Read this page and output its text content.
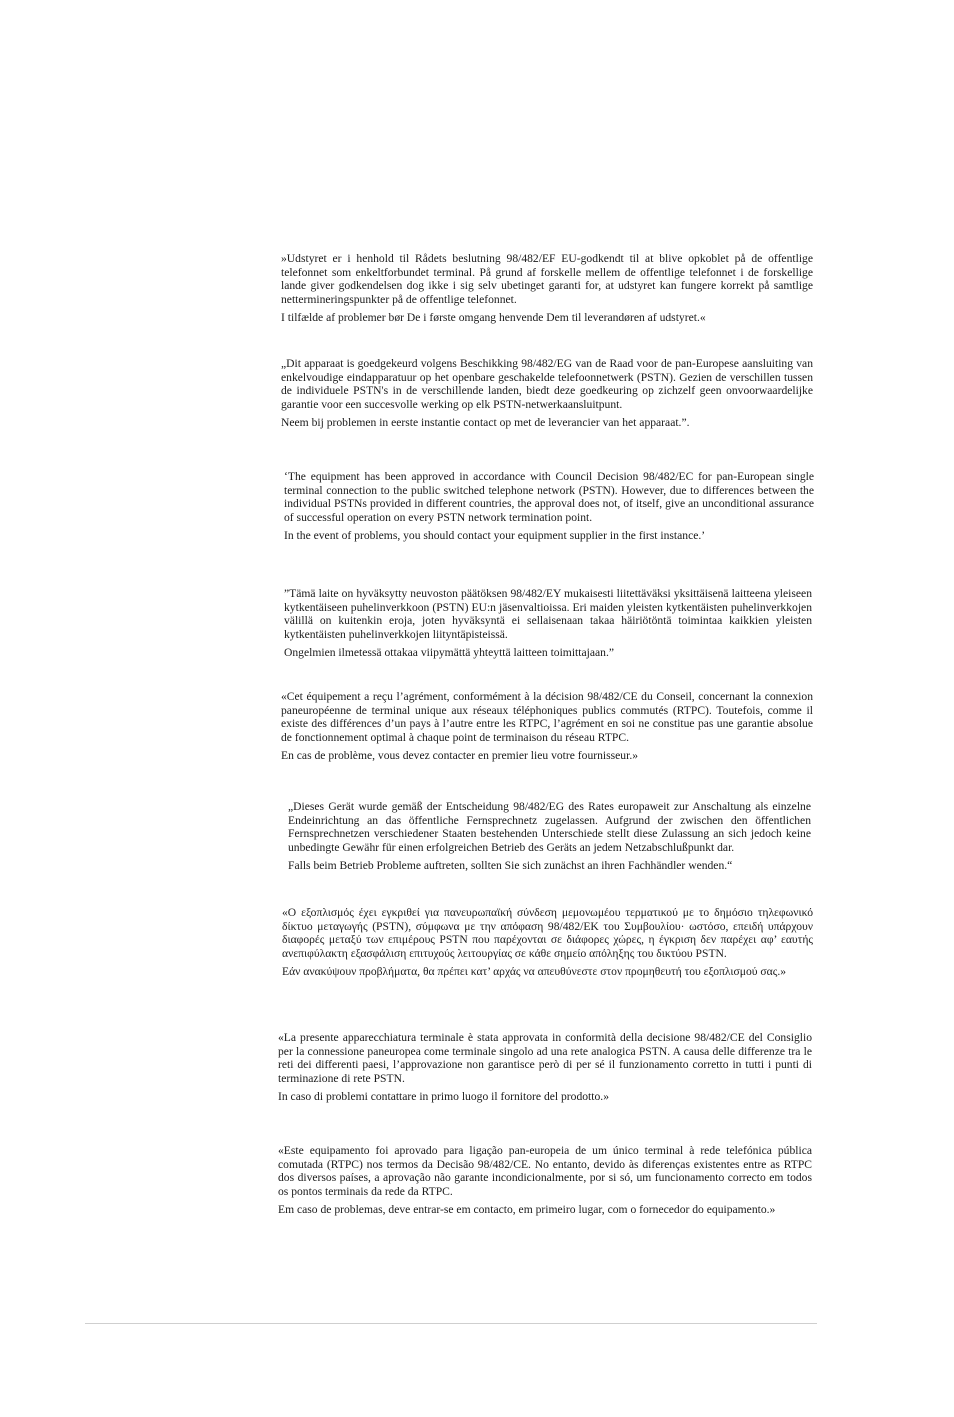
»Udstyret er i henhold til Rådets beslutning 98/482/EF EU-godkendt til at blive opkoblet på de offentlige telefonnet som enkeltforbundet terminal. På grund af forskelle mellem de offentlige telefonnet i de forskellige lande giver godkendelsen dog ikke i sig selv ubetinget garanti for, at udstyret kan fungere korrekt på samtlige nettermineringspunkter på de offentlige telefonnet.

I tilfælde af problemer bør De i første omgang henvende Dem til leverandøren af udstyret.«

„Dit apparaat is goedgekeurd volgens Beschikking 98/482/EG van de Raad voor de pan-Europese aansluiting van enkelvoudige eindapparatuur op het openbare geschakelde telefoonnetwerk (PSTN). Gezien de verschillen tussen de individuele PSTN's in de verschillende landen, biedt deze goedkeuring op zichzelf geen onvoorwaardelijke garantie voor een succesvolle werking op elk PSTN-netwerkaansluitpunt.

Neem bij problemen in eerste instantie contact op met de leverancier van het apparaat.”.

‘The equipment has been approved in accordance with Council Decision 98/482/EC for pan-European single terminal connection to the public switched telephone network (PSTN). However, due to differences between the individual PSTNs provided in different countries, the approval does not, of itself, give an unconditional assurance of successful operation on every PSTN network termination point.

In the event of problems, you should contact your equipment supplier in the first instance.’

”Tämä laite on hyväksytty neuvoston päätöksen 98/482/EY mukaisesti liitettäväksi yksittäisenä laitteena yleiseen kytkentäiseen puhelinverkkoon (PSTN) EU:n jäsenvaltioissa. Eri maiden yleisten kytkentäisten puhelinverkkojen välillä on kuitenkin eroja, joten hyväksyntä ei sellaisenaan takaa häiriötöntä toimintaa kaikkien yleisten kytkentäisten puhelinverkkojen liityntäpisteissä.

Ongelmien ilmetessä ottakaa viipymättä yhteyttä laitteen toimittajaan.”

«Cet équipement a reçu l’agrément, conformément à la décision 98/482/CE du Conseil, concernant la connexion paneuropéenne de terminal unique aux réseaux téléphoniques publics commutés (RTPC). Toutefois, comme il existe des différences d’un pays à l’autre entre les RTPC, l’agrément en soi ne constitue pas une garantie absolue de fonctionnement optimal à chaque point de terminaison du réseau RTPC.

En cas de problème, vous devez contacter en premier lieu votre fournisseur.»

„Dieses Gerät wurde gemäß der Entscheidung 98/482/EG des Rates europaweit zur Anschaltung als einzelne Endeinrichtung an das öffentliche Fernsprechnetz zugelassen. Aufgrund der zwischen den öffentlichen Fernsprechnetzen verschiedener Staaten bestehenden Unterschiede stellt diese Zulassung an sich jedoch keine unbedingte Gewähr für einen erfolgreichen Betrieb des Geräts an jedem Netzabschlußpunkt dar.

Falls beim Betrieb Probleme auftreten, sollten Sie sich zunächst an ihren Fachhändler wenden.“

«Ο εξοπλισμός έχει εγκριθεί για πανευρωπαϊκή σύνδεση μεμονωμέου τερματικού με το δημόσιο τηλεφωνικό δίκτυο μεταγωγής (PSTN), σύμφωνα με την απόφαση 98/482/ΕΚ του Συμβουλίου· ωστόσο, επειδή υπάρχουν διαφορές μεταξύ των επιμέρους PSTN που παρέχονται σε διάφορες χώρες, η έγκριση δεν παρέχει αφ’ εαυτής ανεπιφύλακτη εξασφάλιση επιτυχούς λειτουργίας σε κάθε σημείο απόληξης του δικτύου PSTN.

Εάν ανακύψουν προβλήματα, θα πρέπει κατ’ αρχάς να απευθύνεστε στον προμηθευτή του εξοπλισμού σας.»

«La presente apparecchiatura terminale è stata approvata in conformità della decisione 98/482/CE del Consiglio per la connessione paneuropea come terminale singolo ad una rete analogica PSTN. A causa delle differenze tra le reti dei differenti paesi, l’approvazione non garantisce però di per sé il funzionamento corretto in tutti i punti di terminazione di rete PSTN.

In caso di problemi contattare in primo luogo il fornitore del prodotto.»

«Este equipamento foi aprovado para ligação pan-europeia de um único terminal à rede telefónica pública comutada (RTPC) nos termos da Decisão 98/482/CE. No entanto, devido às diferenças existentes entre as RTPC dos diversos países, a aprovação não garante incondicionalmente, por si só, um funcionamento correcto em todos os pontos terminais da rede da RTPC.

Em caso de problemas, deve entrar-se em contacto, em primeiro lugar, com o fornecedor do equipamento.»
